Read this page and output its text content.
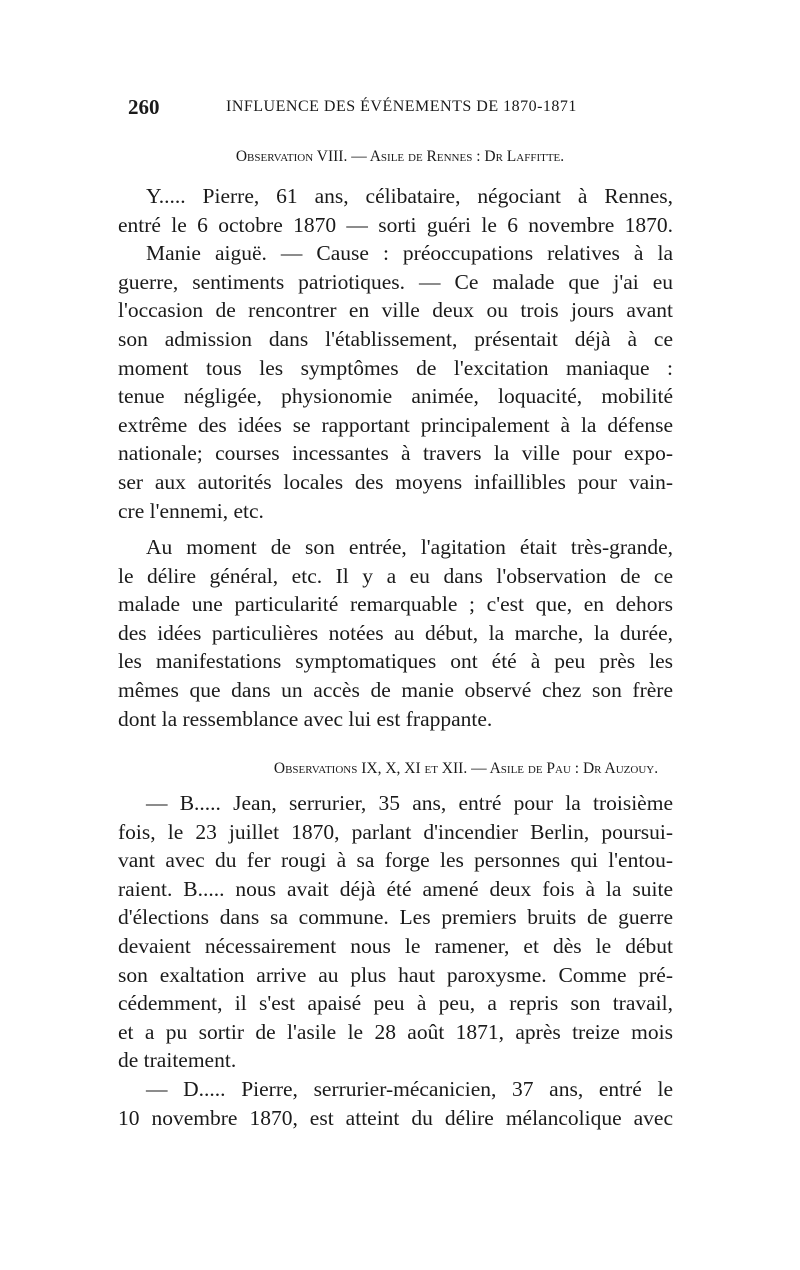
260	INFLUENCE DES ÉVÉNEMENTS DE 1870-1871
Observation VIII. — Asile de Rennes : Dr Laffitte.
Y..... Pierre, 61 ans, célibataire, négociant à Rennes,
entré le 6 octobre 1870 — sorti guéri le 6 novembre 1870.
Manie aiguë. — Cause : préoccupations relatives à la
guerre, sentiments patriotiques. — Ce malade que j'ai eu
l'occasion de rencontrer en ville deux ou trois jours avant
son admission dans l'établissement, présentait déjà à ce
moment tous les symptômes de l'excitation maniaque :
tenue négligée, physionomie animée, loquacité, mobilité
extrême des idées se rapportant principalement à la défense
nationale; courses incessantes à travers la ville pour expo-
ser aux autorités locales des moyens infaillibles pour vain-
cre l'ennemi, etc.
Au moment de son entrée, l'agitation était très-grande,
le délire général, etc. Il y a eu dans l'observation de ce
malade une particularité remarquable ; c'est que, en dehors
des idées particulières notées au début, la marche, la durée,
les manifestations symptomatiques ont été à peu près les
mêmes que dans un accès de manie observé chez son frère
dont la ressemblance avec lui est frappante.
Observations IX, X, XI et XII. — Asile de Pau : Dr Auzouy.
— B..... Jean, serrurier, 35 ans, entré pour la troisième
fois, le 23 juillet 1870, parlant d'incendier Berlin, poursui-
vant avec du fer rougi à sa forge les personnes qui l'entou-
raient. B..... nous avait déjà été amené deux fois à la suite
d'élections dans sa commune. Les premiers bruits de guerre
devaient nécessairement nous le ramener, et dès le début
son exaltation arrive au plus haut paroxysme. Comme pré-
cédemment, il s'est apaisé peu à peu, a repris son travail,
et a pu sortir de l'asile le 28 août 1871, après treize mois
de traitement.
— D..... Pierre, serrurier-mécanicien, 37 ans, entré le
10 novembre 1870, est atteint du délire mélancolique avec
